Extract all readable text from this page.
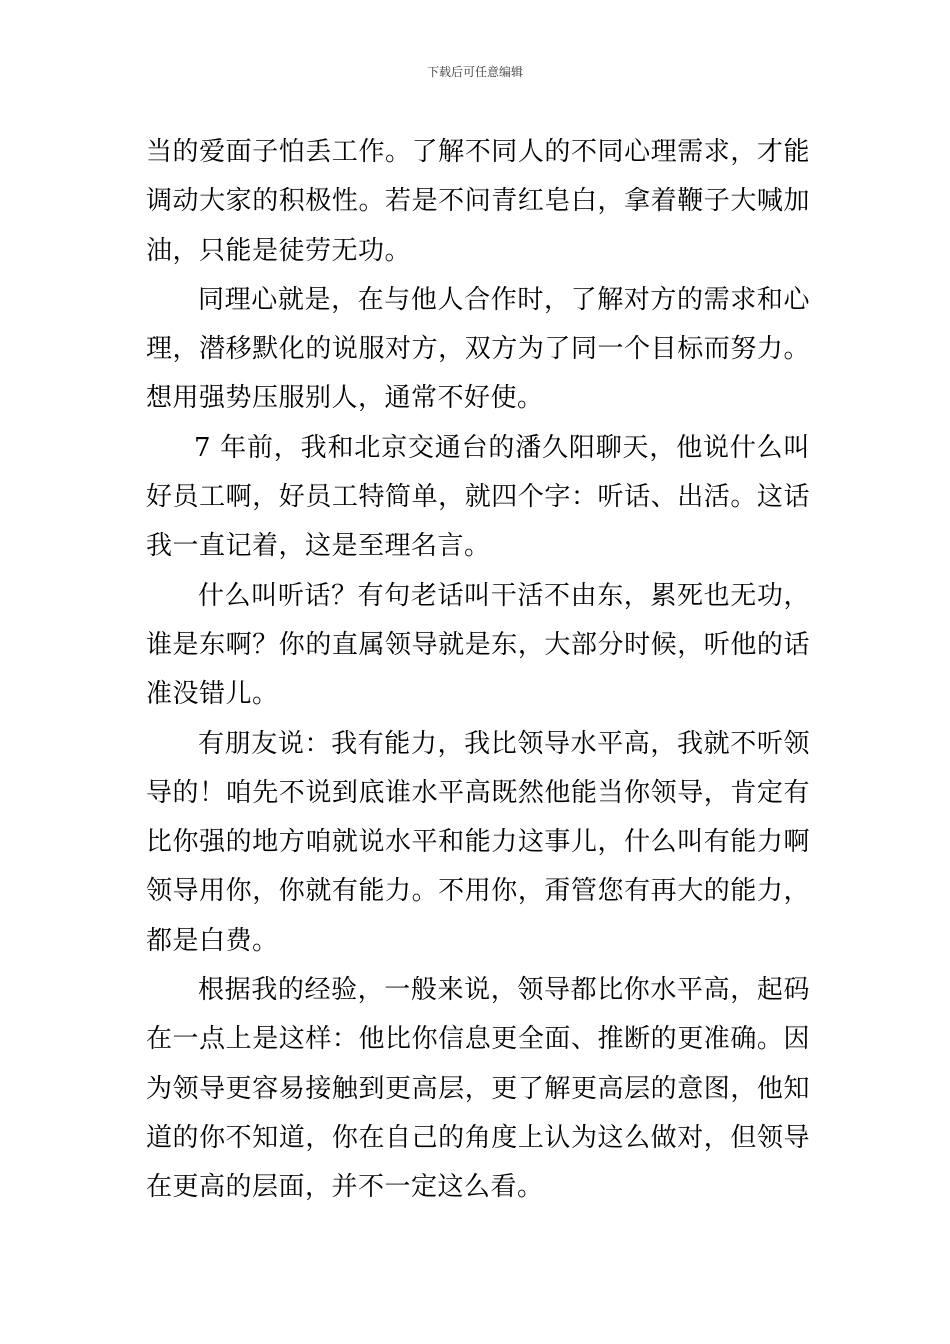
下载后可任意编辑

当的爱面子怕丢工作。了解不同人的不同心理需求，才能调动大家的积极性。若是不问青红皂白，拿着鞭子大喊加油，只能是徒劳无功。

同理心就是，在与他人合作时，了解对方的需求和心理，潜移默化的说服对方，双方为了同一个目标而努力。想用强势压服别人，通常不好使。

7 年前，我和北京交通台的潘久阳聊天，他说什么叫好员工啊，好员工特简单，就四个字：听话、出活。这话我一直记着，这是至理名言。

什么叫听话？有句老话叫干活不由东，累死也无功，谁是东啊？你的直属领导就是东，大部分时候，听他的话准没错儿。

有朋友说：我有能力，我比领导水平高，我就不听领导的！咱先不说到底谁水平高既然他能当你领导，肯定有比你强的地方咱就说水平和能力这事儿，什么叫有能力啊领导用你，你就有能力。不用你，甭管您有再大的能力，都是白费。

根据我的经验，一般来说，领导都比你水平高，起码在一点上是这样：他比你信息更全面、推断的更准确。因为领导更容易接触到更高层，更了解更高层的意图，他知道的你不知道，你在自己的角度上认为这么做对，但领导在更高的层面，并不一定这么看。
